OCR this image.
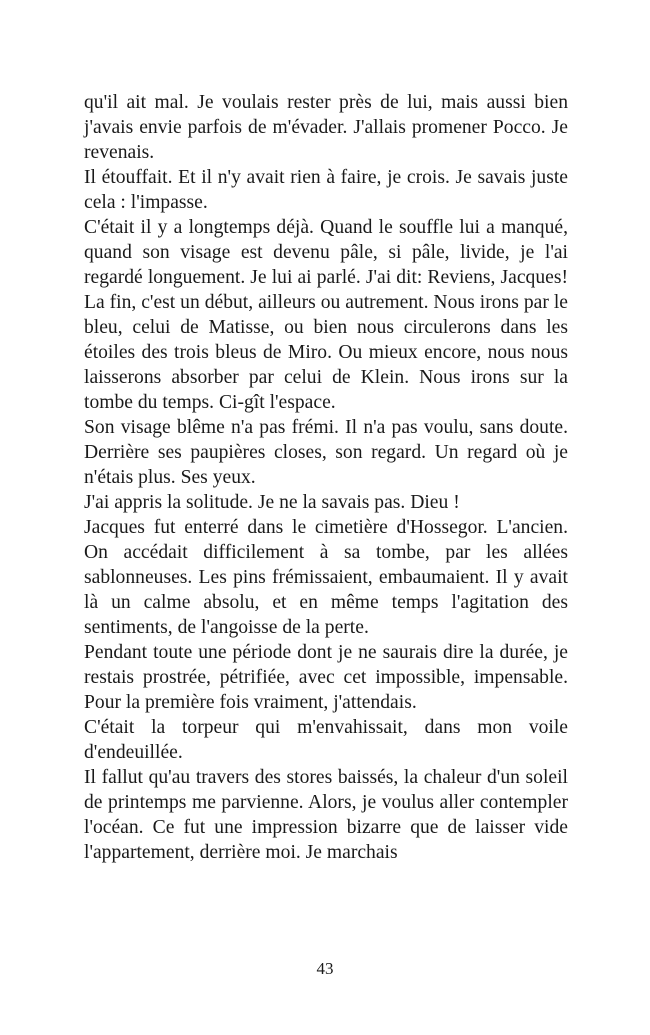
qu'il ait mal. Je voulais rester près de lui, mais aussi bien j'avais envie parfois de m'évader. J'allais promener Pocco. Je revenais.

Il étouffait. Et il n'y avait rien à faire, je crois. Je savais juste cela : l'impasse.

C'était il y a longtemps déjà. Quand le souffle lui a manqué, quand son visage est devenu pâle, si pâle, livide, je l'ai regardé longuement. Je lui ai parlé. J'ai dit: Reviens, Jacques! La fin, c'est un début, ailleurs ou autrement. Nous irons par le bleu, celui de Matisse, ou bien nous circulerons dans les étoiles des trois bleus de Miro. Ou mieux encore, nous nous laisserons absorber par celui de Klein. Nous irons sur la tombe du temps. Ci-gît l'espace.

Son visage blême n'a pas frémi. Il n'a pas voulu, sans doute. Derrière ses paupières closes, son regard. Un regard où je n'étais plus. Ses yeux.

J'ai appris la solitude. Je ne la savais pas. Dieu !

Jacques fut enterré dans le cimetière d'Hossegor. L'ancien. On accédait difficilement à sa tombe, par les allées sablonneuses. Les pins frémissaient, embaumaient. Il y avait là un calme absolu, et en même temps l'agitation des sentiments, de l'angoisse de la perte.

Pendant toute une période dont je ne saurais dire la durée, je restais prostrée, pétrifiée, avec cet impossible, impensable. Pour la première fois vraiment, j'attendais.

C'était la torpeur qui m'envahissait, dans mon voile d'endeuillée.

Il fallut qu'au travers des stores baissés, la chaleur d'un soleil de printemps me parvienne. Alors, je voulus aller contempler l'océan. Ce fut une impression bizarre que de laisser vide l'appartement, derrière moi. Je marchais

43
